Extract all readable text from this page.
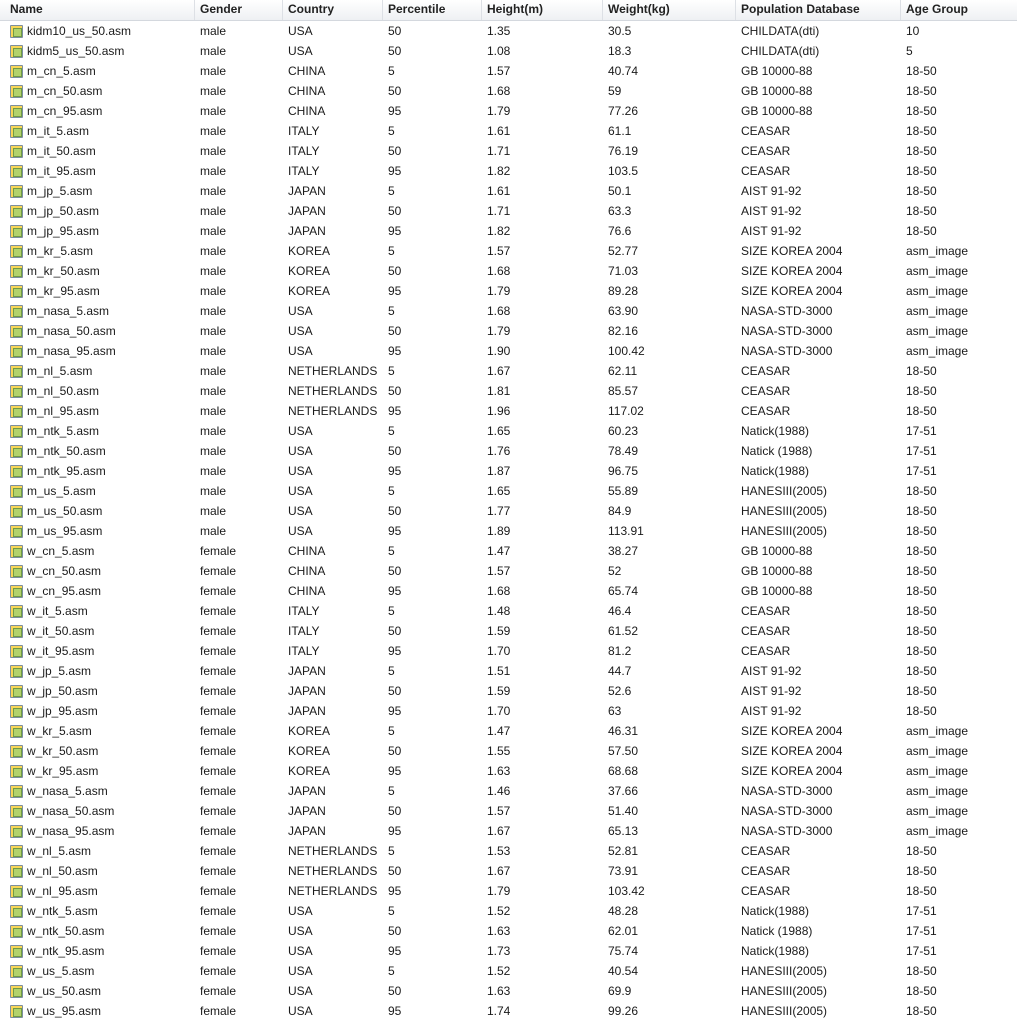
Name	Gender	Country	Percentile	Height(m)	Weight(kg)	Population Database	Age Group
kidm10_us_50.asm	male	USA	50	1.35	30.5	CHILDATA(dti)	10
kidm5_us_50.asm	male	USA	50	1.08	18.3	CHILDATA(dti)	5
m_cn_5.asm	male	CHINA	5	1.57	40.74	GB 10000-88	18-50
m_cn_50.asm	male	CHINA	50	1.68	59	GB 10000-88	18-50
m_cn_95.asm	male	CHINA	95	1.79	77.26	GB 10000-88	18-50
m_it_5.asm	male	ITALY	5	1.61	61.1	CEASAR	18-50
m_it_50.asm	male	ITALY	50	1.71	76.19	CEASAR	18-50
m_it_95.asm	male	ITALY	95	1.82	103.5	CEASAR	18-50
m_jp_5.asm	male	JAPAN	5	1.61	50.1	AIST 91-92	18-50
m_jp_50.asm	male	JAPAN	50	1.71	63.3	AIST 91-92	18-50
m_jp_95.asm	male	JAPAN	95	1.82	76.6	AIST 91-92	18-50
m_kr_5.asm	male	KOREA	5	1.57	52.77	SIZE KOREA 2004	asm_image
m_kr_50.asm	male	KOREA	50	1.68	71.03	SIZE KOREA 2004	asm_image
m_kr_95.asm	male	KOREA	95	1.79	89.28	SIZE KOREA 2004	asm_image
m_nasa_5.asm	male	USA	5	1.68	63.90	NASA-STD-3000	asm_image
m_nasa_50.asm	male	USA	50	1.79	82.16	NASA-STD-3000	asm_image
m_nasa_95.asm	male	USA	95	1.90	100.42	NASA-STD-3000	asm_image
m_nl_5.asm	male	NETHERLANDS 5	1.67	62.11	CEASAR	18-50
m_nl_50.asm	male	NETHERLANDS 50	1.81	85.57	CEASAR	18-50
m_nl_95.asm	male	NETHERLANDS 95	1.96	117.02	CEASAR	18-50
m_ntk_5.asm	male	USA	5	1.65	60.23	Natick(1988)	17-51
m_ntk_50.asm	male	USA	50	1.76	78.49	Natick (1988)	17-51
m_ntk_95.asm	male	USA	95	1.87	96.75	Natick(1988)	17-51
m_us_5.asm	male	USA	5	1.65	55.89	HANESIII(2005)	18-50
m_us_50.asm	male	USA	50	1.77	84.9	HANESIII(2005)	18-50
m_us_95.asm	male	USA	95	1.89	113.91	HANESIII(2005)	18-50
w_cn_5.asm	female	CHINA	5	1.47	38.27	GB 10000-88	18-50
w_cn_50.asm	female	CHINA	50	1.57	52	GB 10000-88	18-50
w_cn_95.asm	female	CHINA	95	1.68	65.74	GB 10000-88	18-50
w_it_5.asm	female	ITALY	5	1.48	46.4	CEASAR	18-50
w_it_50.asm	female	ITALY	50	1.59	61.52	CEASAR	18-50
w_it_95.asm	female	ITALY	95	1.70	81.2	CEASAR	18-50
w_jp_5.asm	female	JAPAN	5	1.51	44.7	AIST 91-92	18-50
w_jp_50.asm	female	JAPAN	50	1.59	52.6	AIST 91-92	18-50
w_jp_95.asm	female	JAPAN	95	1.70	63	AIST 91-92	18-50
w_kr_5.asm	female	KOREA	5	1.47	46.31	SIZE KOREA 2004	asm_image
w_kr_50.asm	female	KOREA	50	1.55	57.50	SIZE KOREA 2004	asm_image
w_kr_95.asm	female	KOREA	95	1.63	68.68	SIZE KOREA 2004	asm_image
w_nasa_5.asm	female	JAPAN	5	1.46	37.66	NASA-STD-3000	asm_image
w_nasa_50.asm	female	JAPAN	50	1.57	51.40	NASA-STD-3000	asm_image
w_nasa_95.asm	female	JAPAN	95	1.67	65.13	NASA-STD-3000	asm_image
w_nl_5.asm	female	NETHERLANDS 5	1.53	52.81	CEASAR	18-50
w_nl_50.asm	female	NETHERLANDS 50	1.67	73.91	CEASAR	18-50
w_nl_95.asm	female	NETHERLANDS 95	1.79	103.42	CEASAR	18-50
w_ntk_5.asm	female	USA	5	1.52	48.28	Natick(1988)	17-51
w_ntk_50.asm	female	USA	50	1.63	62.01	Natick (1988)	17-51
w_ntk_95.asm	female	USA	95	1.73	75.74	Natick(1988)	17-51
w_us_5.asm	female	USA	5	1.52	40.54	HANESIII(2005)	18-50
w_us_50.asm	female	USA	50	1.63	69.9	HANESIII(2005)	18-50
w_us_95.asm	female	USA	95	1.74	99.26	HANESIII(2005)	18-50
